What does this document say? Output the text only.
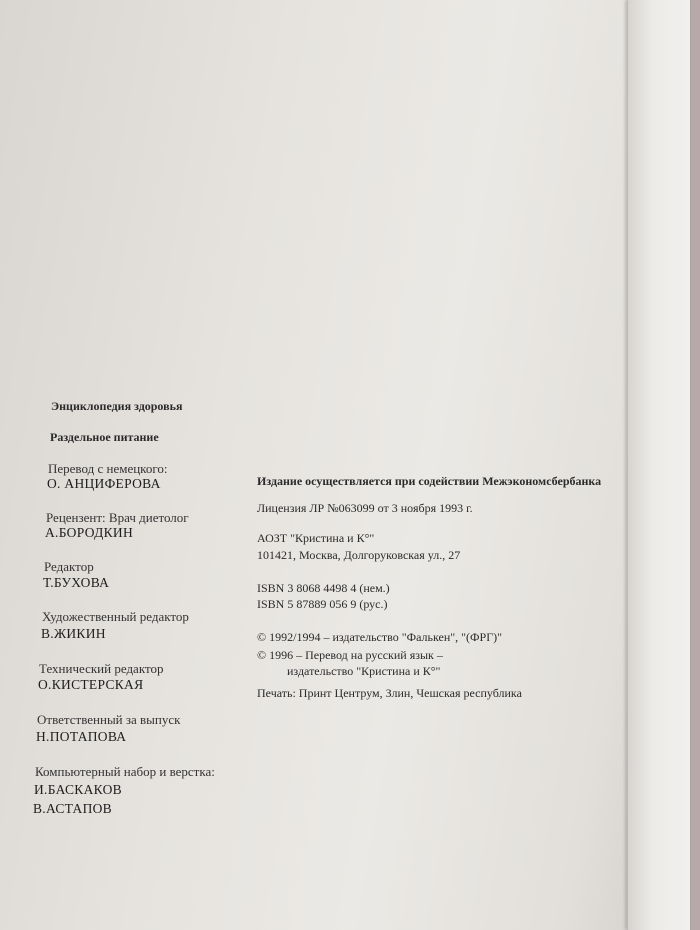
Энциклопедия здоровья
Раздельное питание
Перевод с немецкого:
О. АНЦИФЕРОВА
Рецензент: Врач диетолог
А.БОРОДКИН
Редактор
Т.БУХОВА
Художественный редактор
В.ЖИКИН
Технический редактор
О.КИСТЕРСКАЯ
Ответственный за выпуск
Н.ПОТАПОВА
Компьютерный набор и верстка:
И.БАСКАКОВ
В.АСТАПОВ
Издание осуществляется при содействии Межэкономсбербанка
Лицензия ЛР №063099 от 3 ноября 1993 г.
АОЗТ "Кристина и К°"
101421, Москва, Долгоруковская ул., 27
ISBN 3 8068 4498 4 (нем.)
ISBN 5 87889 056 9 (рус.)
© 1992/1994 – издательство "Фалькен", "(ФРГ)"
© 1996 – Перевод на русский язык –
издательство "Кристина и К°"
Печать: Принт Центрум, Злин, Чешская республика
